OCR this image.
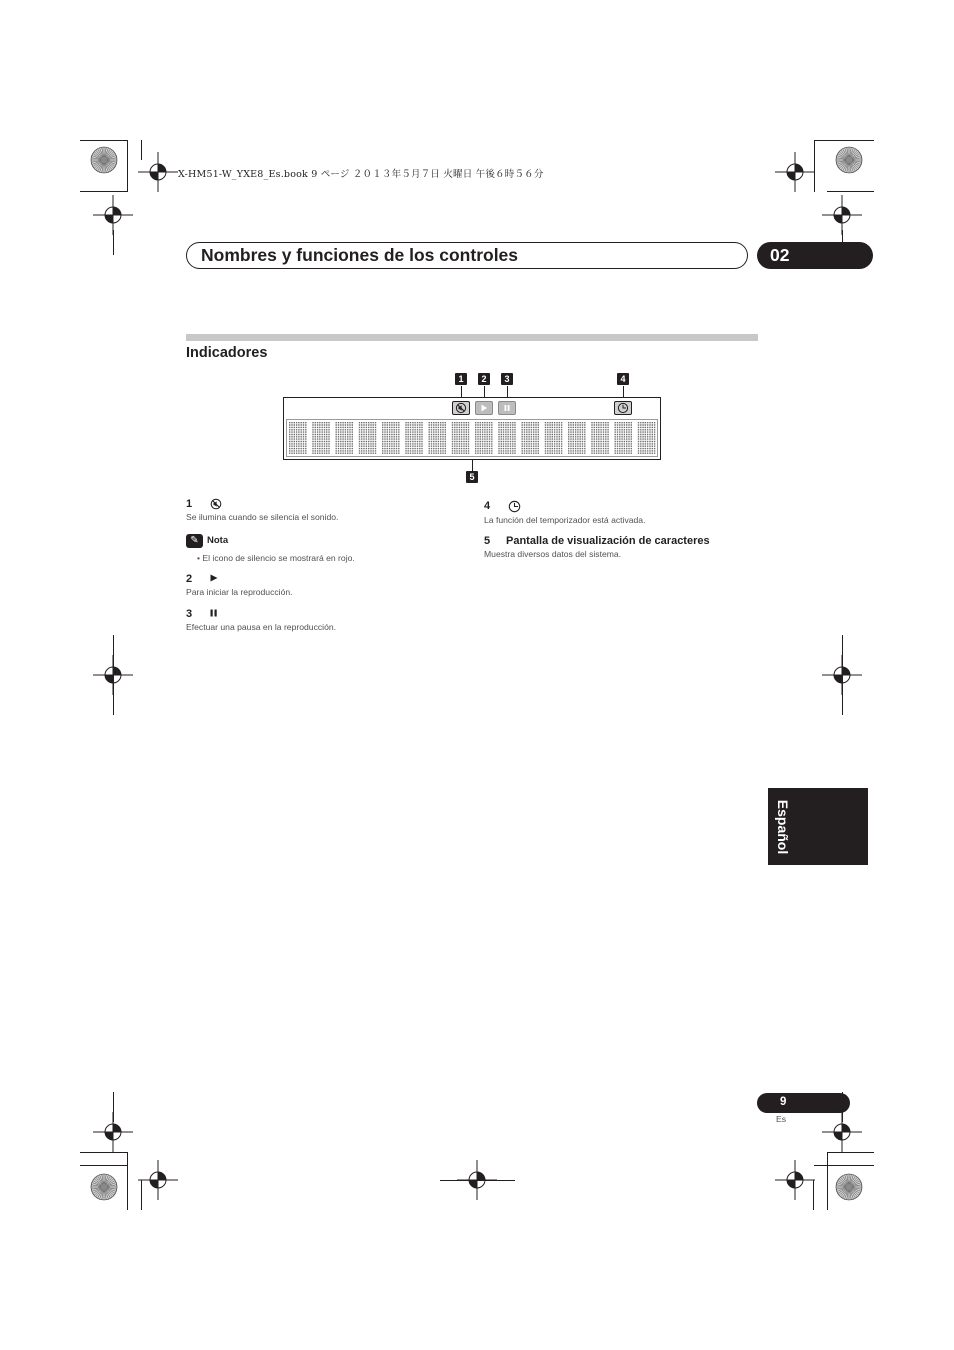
X-HM51-W_YXE8_Es.book 9 ページ ２０１３年５月７日 火曜日 午後６時５６分
Nombres y funciones de los controles	02
Indicadores
1	2	3	4
5
1
Se ilumina cuando se silencia el sonido.
✎ Nota
• El icono de silencio se mostrará en rojo.
2
Para iniciar la reproducción.
3
Efectuar una pausa en la reproducción.
4
La función del temporizador está activada.
5 Pantalla de visualización de caracteres
Muestra diversos datos del sistema.
Español
9
Es
